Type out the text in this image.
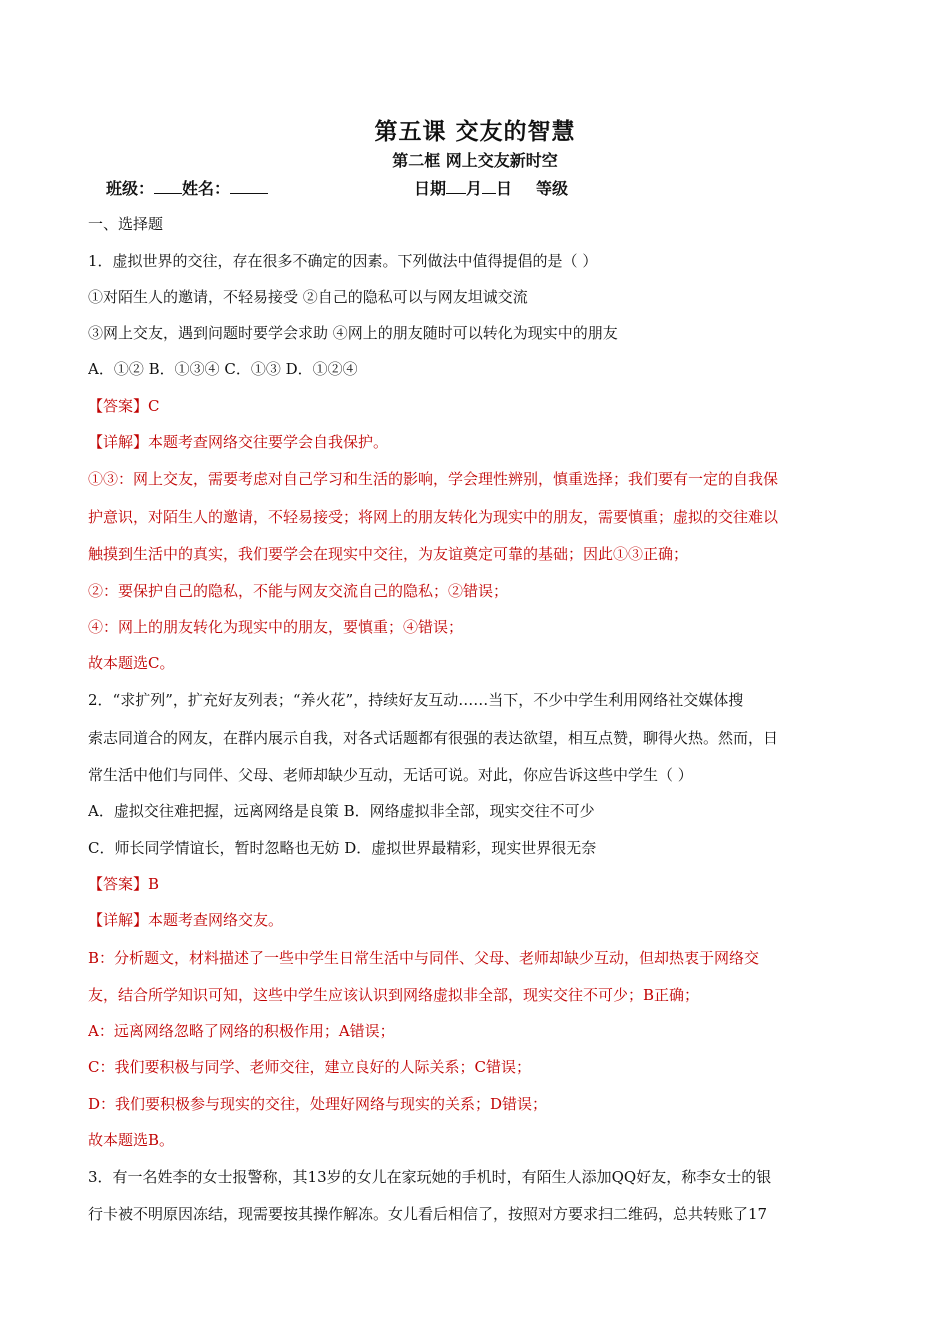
第五课 交友的智慧
第二框 网上交友新时空
班级： 姓名：	日期 月 日 等级
一、选择题
1．虚拟世界的交往，存在很多不确定的因素。下列做法中值得提倡的是（ ）
①对陌生人的邀请，不轻易接受 ②自己的隐私可以与网友坦诚交流
③网上交友，遇到问题时要学会求助 ④网上的朋友随时可以转化为现实中的朋友
A．①② B．①③④ C．①③ D．①②④
【答案】C
【详解】本题考查网络交往要学会自我保护。
①③：网上交友，需要考虑对自己学习和生活的影响，学会理性辨别，慎重选择；我们要有一定的自我保
护意识，对陌生人的邀请，不轻易接受；将网上的朋友转化为现实中的朋友，需要慎重；虚拟的交往难以
触摸到生活中的真实，我们要学会在现实中交往，为友谊奠定可靠的基础；因此①③正确；
②：要保护自己的隐私，不能与网友交流自己的隐私；②错误；
④：网上的朋友转化为现实中的朋友，要慎重；④错误；
故本题选C。
2．“求扩列”，扩充好友列表；“养火花”，持续好友互动……当下，不少中学生利用网络社交媒体搜
索志同道合的网友，在群内展示自我，对各式话题都有很强的表达欲望，相互点赞，聊得火热。然而，日
常生活中他们与同伴、父母、老师却缺少互动，无话可说。对此，你应告诉这些中学生（ ）
A．虚拟交往难把握，远离网络是良策 B．网络虚拟非全部，现实交往不可少
C．师长同学情谊长，暂时忽略也无妨 D．虚拟世界最精彩，现实世界很无奈
【答案】B
【详解】本题考查网络交友。
B：分析题文，材料描述了一些中学生日常生活中与同伴、父母、老师却缺少互动，但却热衷于网络交
友，结合所学知识可知，这些中学生应该认识到网络虚拟非全部，现实交往不可少；B正确；
A：远离网络忽略了网络的积极作用；A错误；
C：我们要积极与同学、老师交往，建立良好的人际关系；C错误；
D：我们要积极参与现实的交往，处理好网络与现实的关系；D错误；
故本题选B。
3．有一名姓李的女士报警称，其13岁的女儿在家玩她的手机时，有陌生人添加QQ好友，称李女士的银
行卡被不明原因冻结，现需要按其操作解冻。女儿看后相信了，按照对方要求扫二维码，总共转账了17
